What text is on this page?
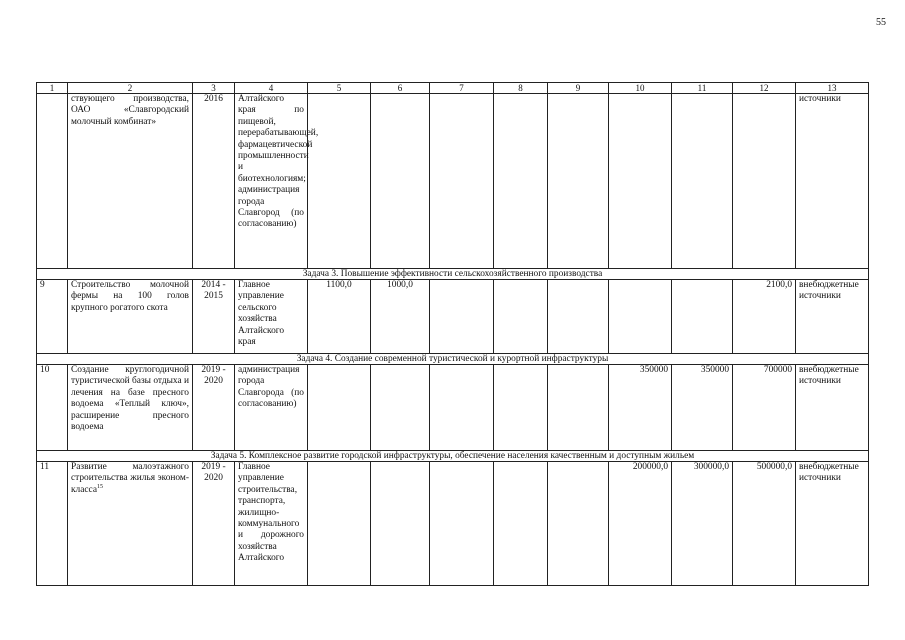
55
1	2	3	4	5	6	7	8	9	10	11	12	13
	ствующего производства, ОАО «Славгородский молочный комбинат»	2016	Алтайского края по пищевой, перерабатывающей, фармацевтической промышленности и биотехнологиям; администрация города Славгород (по согласованию)									источники
Задача 3. Повышение эффективности сельскохозяйственного производства												
9	Строительство молочной фермы на 100 голов крупного рогатого скота	2014 - 2015	Главное управление сельского хозяйства Алтайского края	1100,0	1000,0						2100,0	внебюджетные источники
Задача 4. Создание современной туристической и курортной инфраструктуры												
10	Создание круглогодичной туристической базы отдыха и лечения на базе пресного водоема «Теплый ключ», расширение пресного водоема	2019 - 2020	администрация города Славгорода (по согласованию)						350000	350000	700000	внебюджетные источники
Задача 5. Комплексное развитие городской инфраструктуры, обеспечение населения качественным и доступным жильем												
11	Развитие малоэтажного строительства жилья эконом-класса$^{15}$	2019 - 2020	Главное управление строительства, транспорта, жилищно-коммунального и дорожного хозяйства Алтайского						200000,0	300000,0	500000,0	внебюджетные источники
